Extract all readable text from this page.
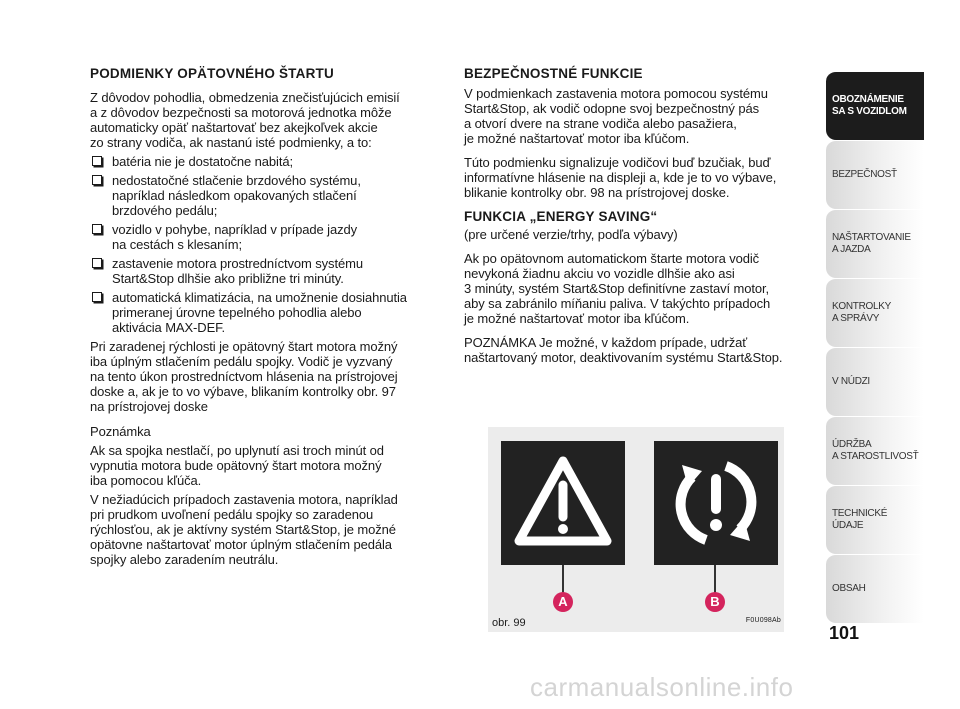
PODMIENKY OPÄTOVNÉHO ŠTARTU
Z dôvodov pohodlia, obmedzenia znečisťujúcich emisií
a z dôvodov bezpečnosti sa motorová jednotka môže
automaticky opäť naštartovať bez akejkoľvek akcie
zo strany vodiča, ak nastanú isté podmienky, a to:
batéria nie je dostatočne nabitá;
nedostatočné stlačenie brzdového systému,
napríklad následkom opakovaných stlačení
brzdového pedálu;
vozidlo v pohybe, napríklad v prípade jazdy
na cestách s klesaním;
zastavenie motora prostredníctvom systému
Start&Stop dlhšie ako približne tri minúty.
automatická klimatizácia, na umožnenie dosiahnutia
primeranej úrovne tepelného pohodlia alebo
aktivácia MAX-DEF.
Pri zaradenej rýchlosti je opätovný štart motora možný
iba úplným stlačením pedálu spojky. Vodič je vyzvaný
na tento úkon prostredníctvom hlásenia na prístrojovej
doske a, ak je to vo výbave, blikaním kontrolky obr. 97
na prístrojovej doske
Poznámka
Ak sa spojka nestlačí, po uplynutí asi troch minút od
vypnutia motora bude opätovný štart motora možný
iba pomocou kľúča.
V nežiadúcich prípadoch zastavenia motora, napríklad
pri prudkom uvoľnení pedálu spojky so zaradenou
rýchlosťou, ak je aktívny systém Start&Stop, je možné
opätovne naštartovať motor úplným stlačením pedála
spojky alebo zaradením neutrálu.
BEZPEČNOSTNÉ FUNKCIE
V podmienkach zastavenia motora pomocou systému
Start&Stop, ak vodič odopne svoj bezpečnostný pás
a otvorí dvere na strane vodiča alebo pasažiera,
je možné naštartovať motor iba kľúčom.
Túto podmienku signalizuje vodičovi buď bzučiak, buď
informatívne hlásenie na displeji a, kde je to vo výbave,
blikanie kontrolky obr. 98 na prístrojovej doske.
FUNKCIA „ENERGY SAVING“
(pre určené verzie/trhy, podľa výbavy)
Ak po opätovnom automatickom štarte motora vodič
nevykoná žiadnu akciu vo vozidle dlhšie ako asi
3 minúty, systém Start&Stop definitívne zastaví motor,
aby sa zabránilo míňaniu paliva. V takýchto prípadoch
je možné naštartovať motor iba kľúčom.
POZNÁMKA Je možné, v každom prípade, udržať
naštartovaný motor, deaktivovaním systému Start&Stop.
A	B
obr. 99	F0U098Ab
OBOZNÁMENIE
SA S VOZIDLOM
BEZPEČNOSŤ
NAŠTARTOVANIE
A JAZDA
KONTROLKY
A SPRÁVY
V NÚDZI
ÚDRŽBA
A STAROSTLIVOSŤ
TECHNICKÉ
ÚDAJE
OBSAH
101
carmanualsonline.info
